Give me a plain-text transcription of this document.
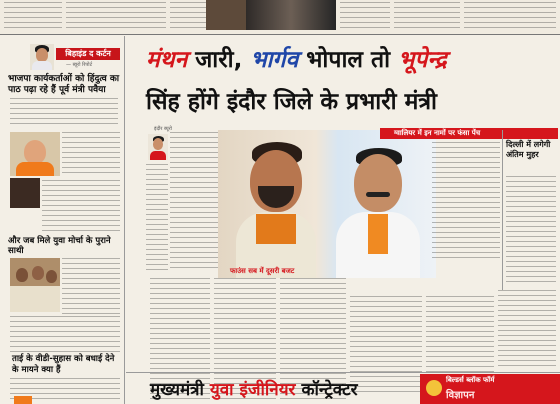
बिहाइंड द कर्टन
— ब्यूरो रिपोर्ट
भाजपा कार्यकर्ताओं को हिंदुत्व का पाठ पढ़ा रहे हैं पूर्व मंत्री पवैया
और जब मिले युवा मोर्चा के पुराने साथी
ताई के वीडी-सुहास को बधाई देने के मायने क्या हैं
मंथन जारी, भार्गव भोपाल तो भूपेन्द्र
सिंह होंगे इंदौर जिले के प्रभारी मंत्री
इंदौर ब्यूरो	ग्वालियर में इन नामों पर फंसा पेंच
दिल्ली में लगेगी अंतिम मुहर
फाउंस सब में दूसरी बजट
मुख्यमंत्री युवा इंजीनियर कॉन्ट्रेक्टर	बिल्डर्स ब्लॉक फॉर्म
विज्ञापन
